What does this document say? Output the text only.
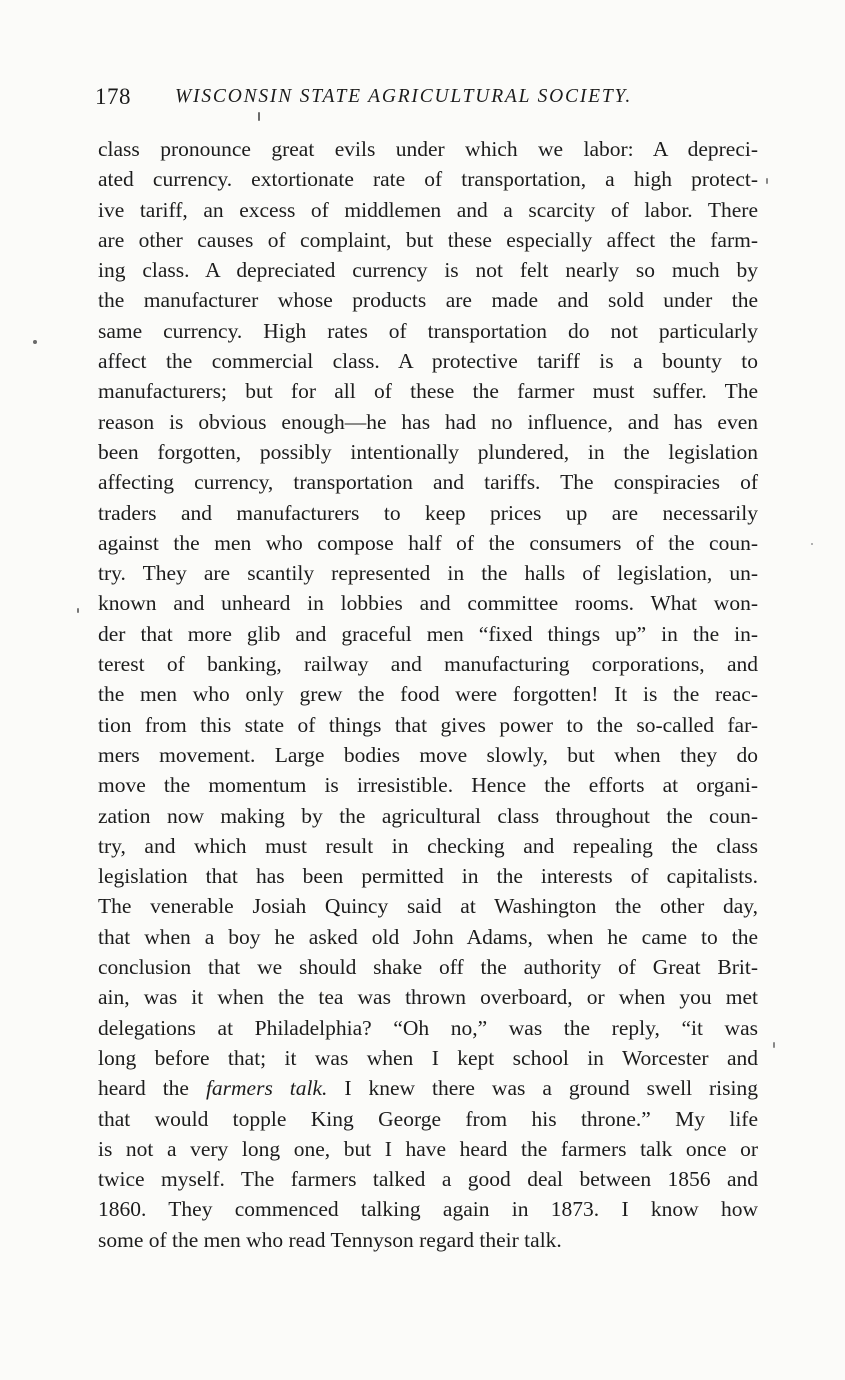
178 WISCONSIN STATE AGRICULTURAL SOCIETY.
class pronounce great evils under which we labor: A depreci-
ated currency. extortionate rate of transportation, a high protect-
ive tariff, an excess of middlemen and a scarcity of labor. There
are other causes of complaint, but these especially affect the farm-
ing class. A depreciated currency is not felt nearly so much by
the manufacturer whose products are made and sold under the
same currency. High rates of transportation do not particularly
affect the commercial class. A protective tariff is a bounty to
manufacturers; but for all of these the farmer must suffer. The
reason is obvious enough—he has had no influence, and has even
been forgotten, possibly intentionally plundered, in the legislation
affecting currency, transportation and tariffs. The conspiracies of
traders and manufacturers to keep prices up are necessarily
against the men who compose half of the consumers of the coun-
try. They are scantily represented in the halls of legislation, un-
known and unheard in lobbies and committee rooms. What won-
der that more glib and graceful men “fixed things up” in the in-
terest of banking, railway and manufacturing corporations, and
the men who only grew the food were forgotten! It is the reac-
tion from this state of things that gives power to the so-called far-
mers movement. Large bodies move slowly, but when they do
move the momentum is irresistible. Hence the efforts at organi-
zation now making by the agricultural class throughout the coun-
try, and which must result in checking and repealing the class
legislation that has been permitted in the interests of capitalists.
The venerable Josiah Quincy said at Washington the other day,
that when a boy he asked old John Adams, when he came to the
conclusion that we should shake off the authority of Great Brit-
ain, was it when the tea was thrown overboard, or when you met
delegations at Philadelphia? “Oh no,” was the reply, “it was
long before that; it was when I kept school in Worcester and
heard the farmers talk. I knew there was a ground swell rising
that would topple King George from his throne.” My life
is not a very long one, but I have heard the farmers talk once or
twice myself. The farmers talked a good deal between 1856 and
1860. They commenced talking again in 1873. I know how
some of the men who read Tennyson regard their talk.
